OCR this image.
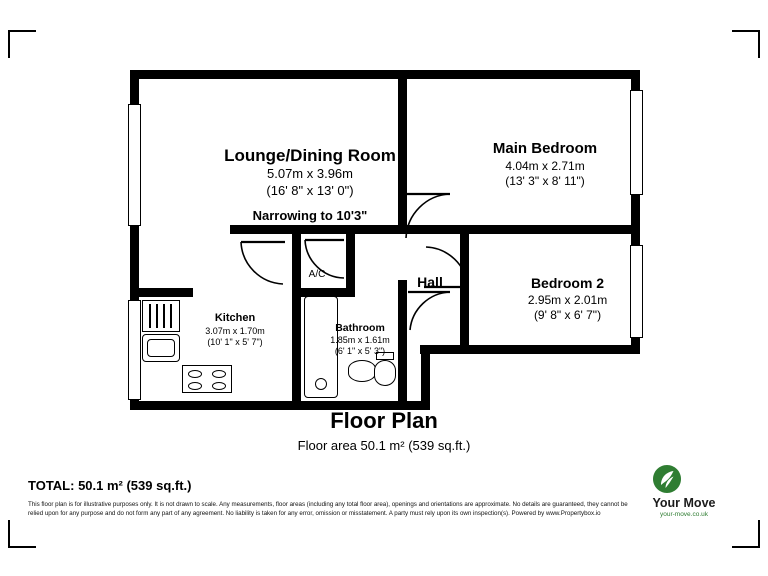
Lounge/Dining Room
5.07m x 3.96m
(16' 8" x 13' 0")
Narrowing to 10'3"
Main Bedroom
4.04m x 2.71m
(13' 3" x 8' 11")
Bedroom 2
2.95m x 2.01m
(9' 8" x 6' 7")
Kitchen
3.07m x 1.70m
(10' 1" x 5' 7")
Bathroom
1.85m x 1.61m
(6' 1" x 5' 3")
Hall
A/C
Floor Plan
Floor area 50.1 m² (539 sq.ft.)
TOTAL: 50.1 m² (539 sq.ft.)
This floor plan is for illustrative purposes only. It is not drawn to scale. Any measurements, floor areas (including any total floor area), openings and orientations are approximate. No details are guaranteed, they cannot be relied upon for any purpose and do not form any part of any agreement. No liability is taken for any error, omission or misstatement. A party must rely upon its own inspection(s). Powered by www.Propertybox.io
Your Move
your-move.co.uk
